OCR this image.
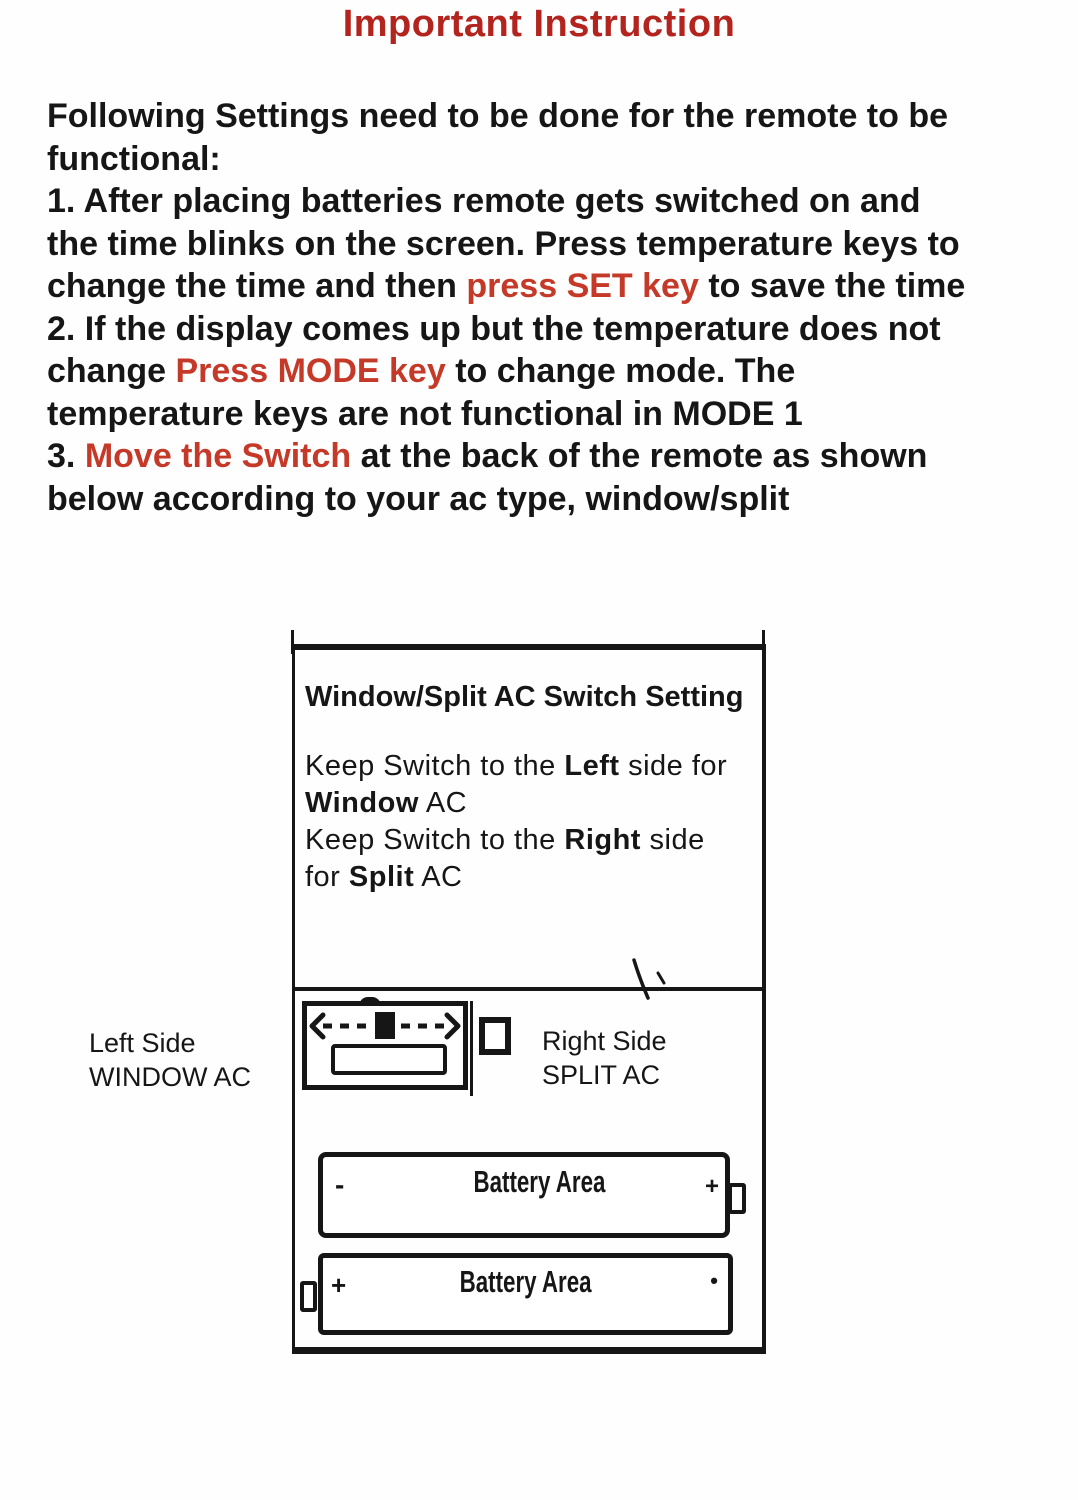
Important Instruction

Following Settings need to be done for the remote to be

functional:

1. After placing batteries remote gets switched on and

the time blinks on the screen. Press temperature keys to

change the time and then press SET key to save the time

2. If the display comes up but the temperature does not

change Press MODE key to change mode. The

temperature keys are not functional in MODE 1

3. Move the Switch at the back of the remote as shown

below according to your ac type, window/split

Window/Split AC Switch Setting

Keep Switch to the Left side for

Window AC

Keep Switch to the Right side

for Split AC

Left Side
WINDOW AC
Right Side
SPLIT AC
-	Battery Area	+
+	Battery Area	•
